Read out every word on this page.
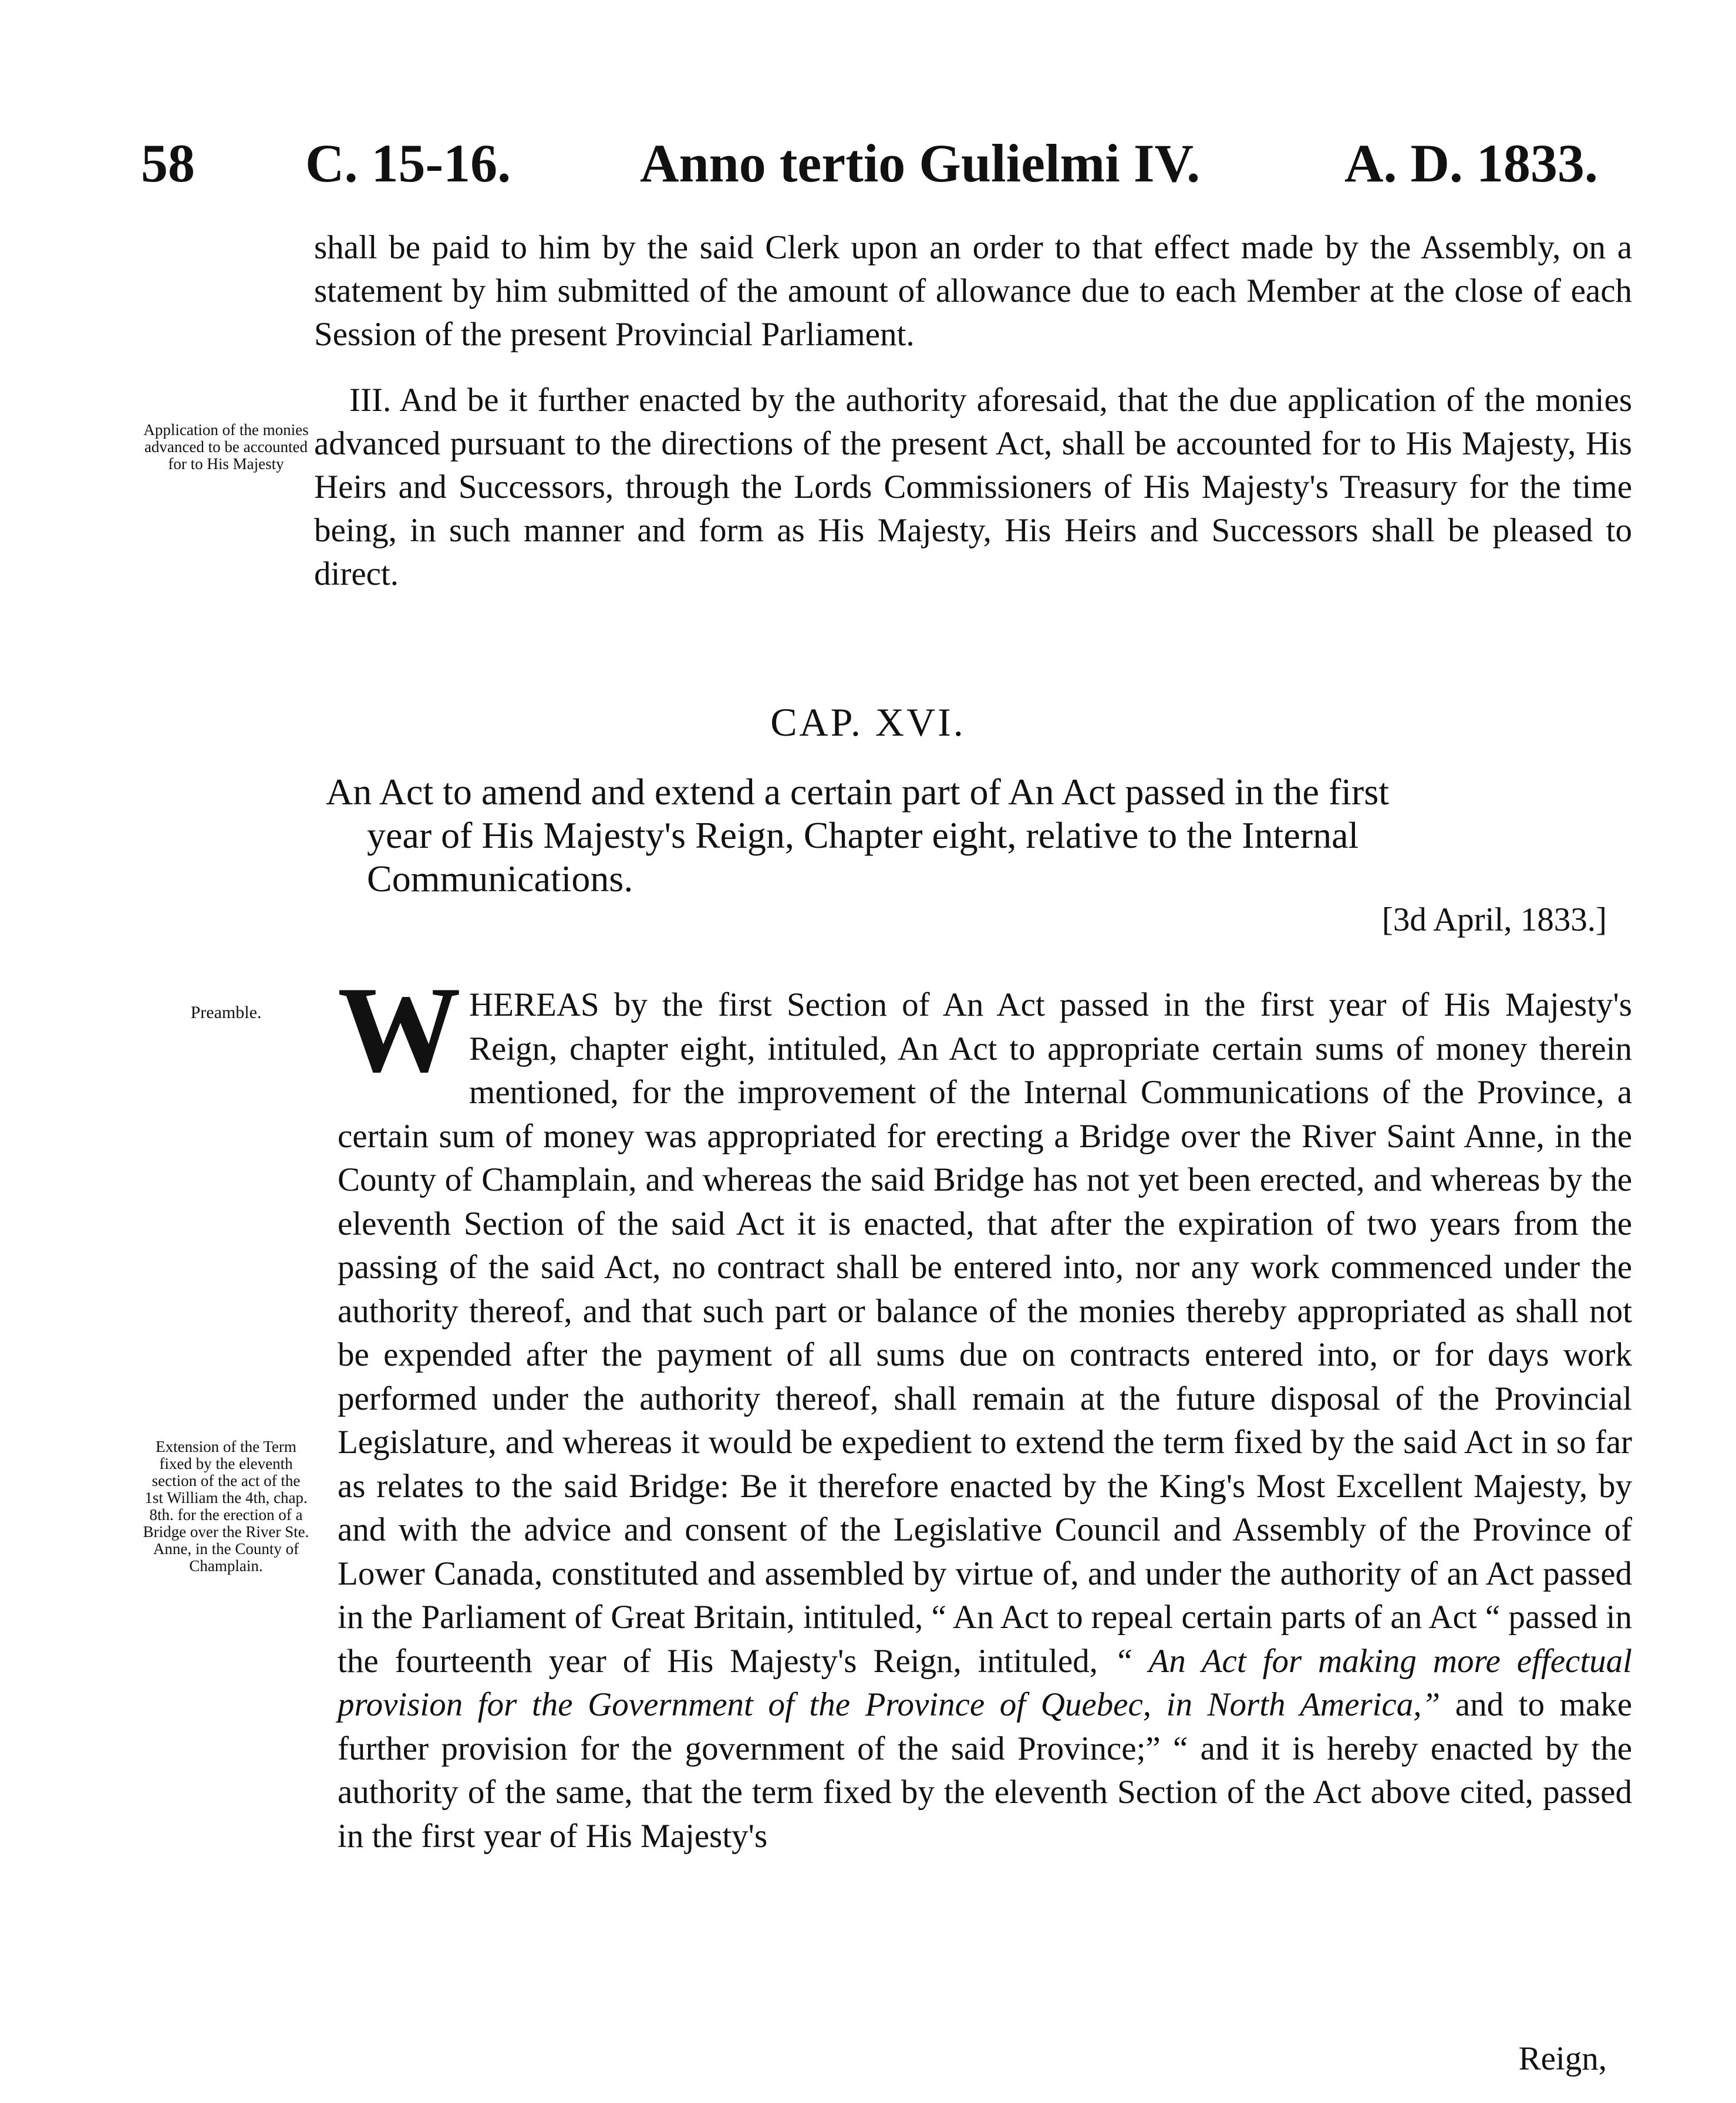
58 C. 15-16. Anno tertio Gulielmi IV.	A. D. 1833.

shall be paid to him by the said Clerk upon an order to that effect made by the Assembly, on a statement by him submitted of the amount of allowance due to each Member at the close of each Session of the present Provincial Parliament.

Application of the monies advanced to be accounted for to His Majesty

III. And be it further enacted by the authority aforesaid, that the due application of the monies advanced pursuant to the directions of the present Act, shall be accounted for to His Majesty, His Heirs and Successors, through the Lords Commissioners of His Majesty's Treasury for the time being, in such manner and form as His Majesty, His Heirs and Successors shall be pleased to direct.

CAP. XVI.
An Act to amend and extend a certain part of An Act passed in the first
year of His Majesty's Reign, Chapter eight, relative to the Internal
Communications.
[3d April, 1833.]
Preamble. WHEREAS by the first Section of An Act passed in the first year of His Majesty's Reign, chapter eight, intituled, An Act to appropriate certain sums of money therein mentioned, for the improvement of the Internal Communications of the Province, a certain sum of money was appropriated for erecting a Bridge over the River Saint Anne, in the County of Champlain, and whereas the said Bridge has not yet been erected, and whereas by the eleventh Section of the said Act it is enacted, that after the expiration of two years from the passing of the said Act, no contract shall be entered into, nor any work commenced under the authority thereof, and that such part or balance of the monies thereby appropriated as shall not be expended after the payment of all sums due on contracts entered into, or for days work performed under the authority thereof, shall remain at the future disposal of the Provincial Legislature, and whereas it would be expedient to extend the term fixed by the said Act in so far as relates to the said Bridge: Be it therefore enacted by the King's Most Excellent Majesty, by and with the advice and consent of the Legislative Council and Assembly of the Province of Lower Canada, constituted and assembled by virtue of, and under the authority of an Act passed in the Parliament of Great Britain, intituled, “ An Act to repeal certain parts of an Act “ passed in the fourteenth year of His Majesty's Reign, intituled, “ An Act for making more effectual provision for the Government of the Province of Quebec, in North America,” and to make further provision for the government of the said Province;” “ and it is hereby enacted by the authority of the same, that the term fixed by the eleventh Section of the Act above cited, passed in the first year of His Majesty's

Extension of the Term fixed by the eleventh section of the act of the 1st William the 4th, chap. 8th. for the erection of a Bridge over the River Ste. Anne, in the County of Champlain.
Reign,
